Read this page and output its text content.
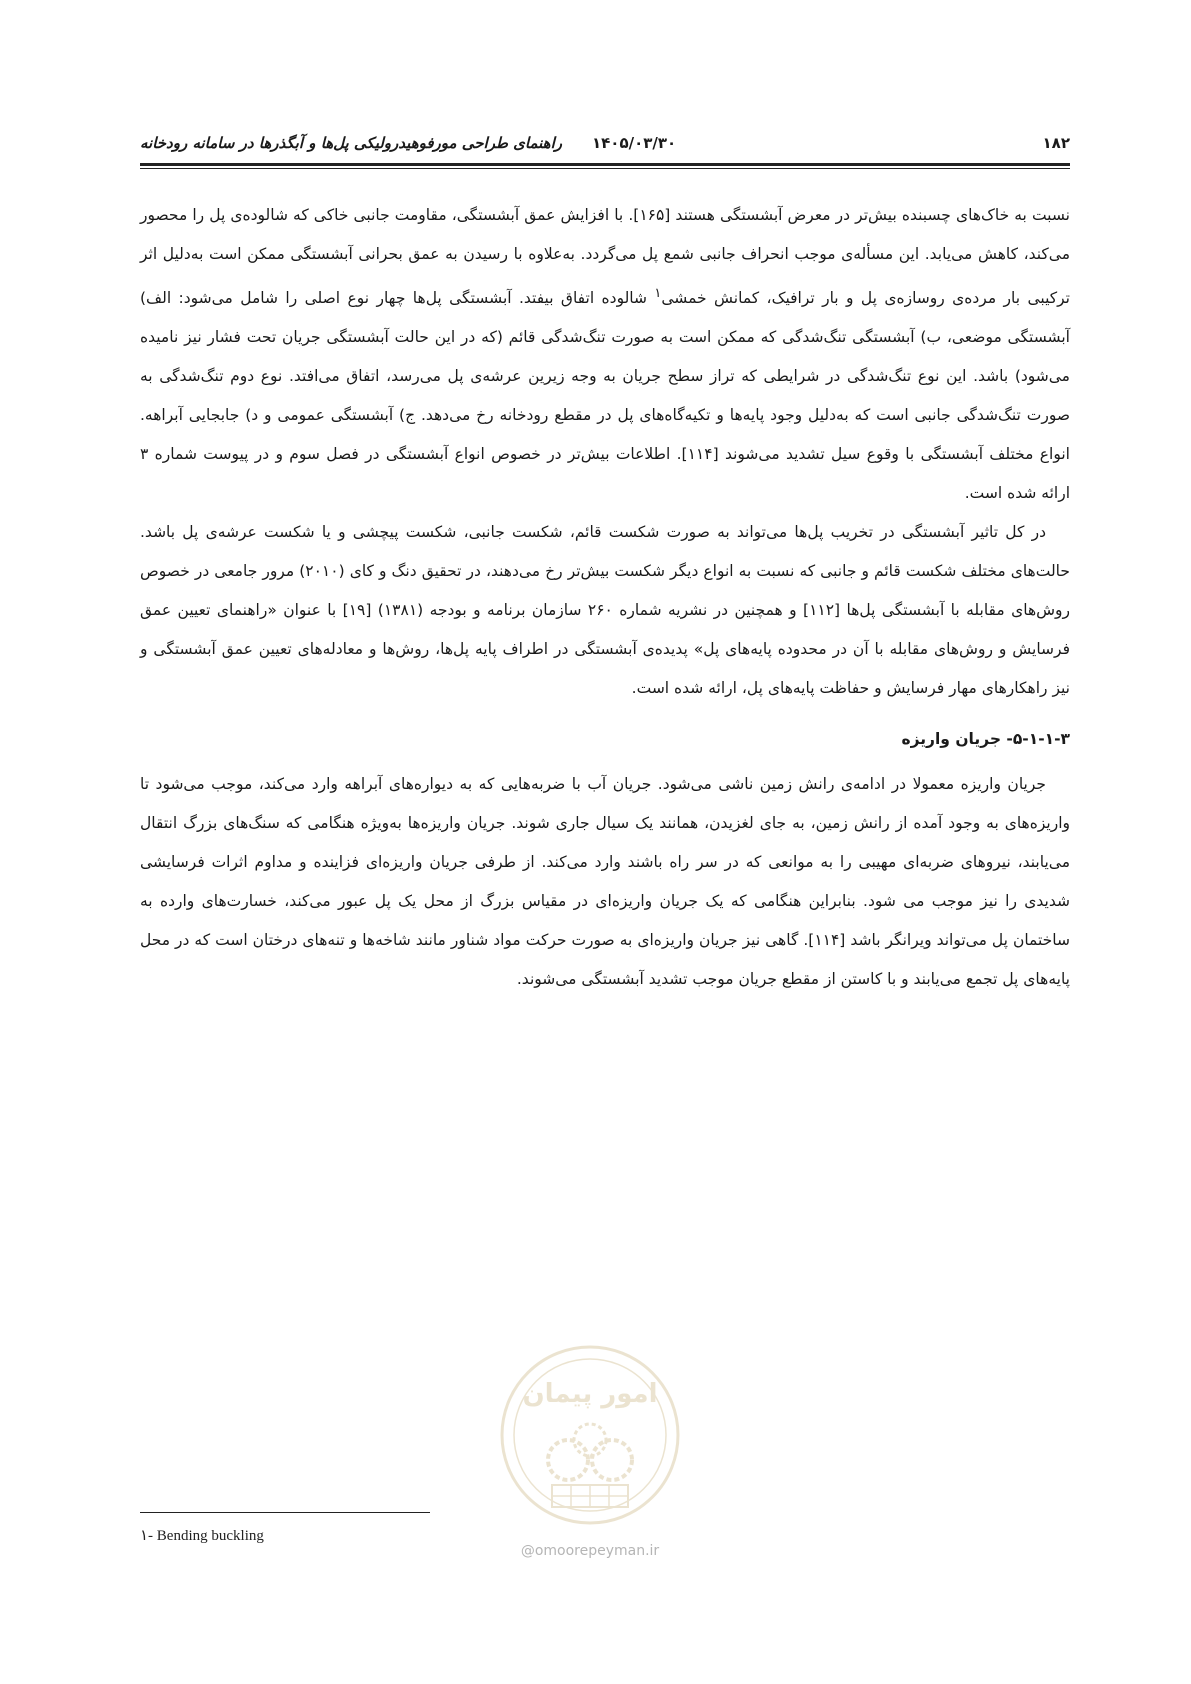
۱۸۲
۱۴۰۵/۰۳/۳۰
راهنمای طراحی مورفوهیدرولیکی پل‌ها و آبگذرها در سامانه رودخانه

نسبت به خاک‌های چسبنده بیش‌تر در معرض آبشستگی هستند [۱۶۵]. با افزایش عمق آبشستگی، مقاومت جانبی خاکی که شالوده‌ی پل را محصور می‌کند، کاهش می‌یابد. این مسأله‌ی موجب انحراف جانبی شمع پل می‌گردد. به‌علاوه با رسیدن به عمق بحرانی آبشستگی ممکن است به‌دلیل اثر ترکیبی بار مرده‌ی روسازه‌ی پل و بار ترافیک، کمانش خمشی$^۱$ شالوده اتفاق بیفتد. آبشستگی پل‌ها چهار نوع اصلی را شامل می‌شود: الف) آبشستگی موضعی، ب) آبشستگی تنگ‌شدگی که ممکن است به صورت تنگ‌شدگی قائم (که در این حالت آبشستگی جریان تحت فشار نیز نامیده می‌شود) باشد. این نوع تنگ‌شدگی در شرایطی که تراز سطح جریان به وجه زیرین عرشه‌ی پل می‌رسد، اتفاق می‌افتد. نوع دوم تنگ‌شدگی به صورت تنگ‌شدگی جانبی است که به‌دلیل وجود پایه‌ها و تکیه‌گاه‌های پل در مقطع رودخانه رخ می‌دهد. ج) آبشستگی عمومی و د) جابجایی آبراهه. انواع مختلف آبشستگی با وقوع سیل تشدید می‌شوند [۱۱۴]. اطلاعات بیش‌تر در خصوص انواع آبشستگی در فصل سوم و در پیوست شماره ۳ ارائه شده است.

در کل تاثیر آبشستگی در تخریب پل‌ها می‌تواند به صورت شکست قائم، شکست جانبی، شکست پیچشی و یا شکست عرشه‌ی پل باشد. حالت‌های مختلف شکست قائم و جانبی که نسبت به انواع دیگر شکست بیش‌تر رخ می‌دهند، در تحقیق دنگ و کای (۲۰۱۰) مرور جامعی در خصوص روش‌های مقابله با آبشستگی پل‌ها [۱۱۲] و همچنین در نشریه شماره ۲۶۰ سازمان برنامه و بودجه (۱۳۸۱) [۱۹] با عنوان «راهنمای تعیین عمق فرسایش و روش‌های مقابله با آن در محدوده پایه‌های پل» پدیده‌ی آبشستگی در اطراف پایه پل‌ها، روش‌ها و معادله‌های تعیین عمق آبشستگی و نیز راهکارهای مهار فرسایش و حفاظت پایه‌های پل، ارائه شده است.

۵-۱-۱-۳- جریان واریزه

جریان واریزه معمولا در ادامه‌ی رانش زمین ناشی می‌شود. جریان آب با ضربه‌هایی که به دیواره‌های آبراهه وارد می‌کند، موجب می‌شود تا واریزه‌های به وجود آمده از رانش زمین، به جای لغزیدن، همانند یک سیال جاری شوند. جریان واریزه‌ها به‌ویژه هنگامی که سنگ‌های بزرگ انتقال می‌یابند، نیروهای ضربه‌ای مهیبی را به موانعی که در سر راه باشند وارد می‌کند. از طرفی جریان واریزه‌ای فزاینده و مداوم اثرات فرسایشی شدیدی را نیز موجب می شود. بنابراین هنگامی که یک جریان واریزه‌ای در مقیاس بزرگ از محل یک پل عبور می‌کند، خسارت‌های وارده به ساختمان پل می‌تواند ویرانگر باشد [۱۱۴]. گاهی نیز جریان واریزه‌ای به صورت حرکت مواد شناور مانند شاخه‌ها و تنه‌های درختان است که در محل پایه‌های پل تجمع می‌یابند و با کاستن از مقطع جریان موجب تشدید آبشستگی می‌شوند.

امور پیمان
۱- Bending buckling
@omoorepeyman.ir
